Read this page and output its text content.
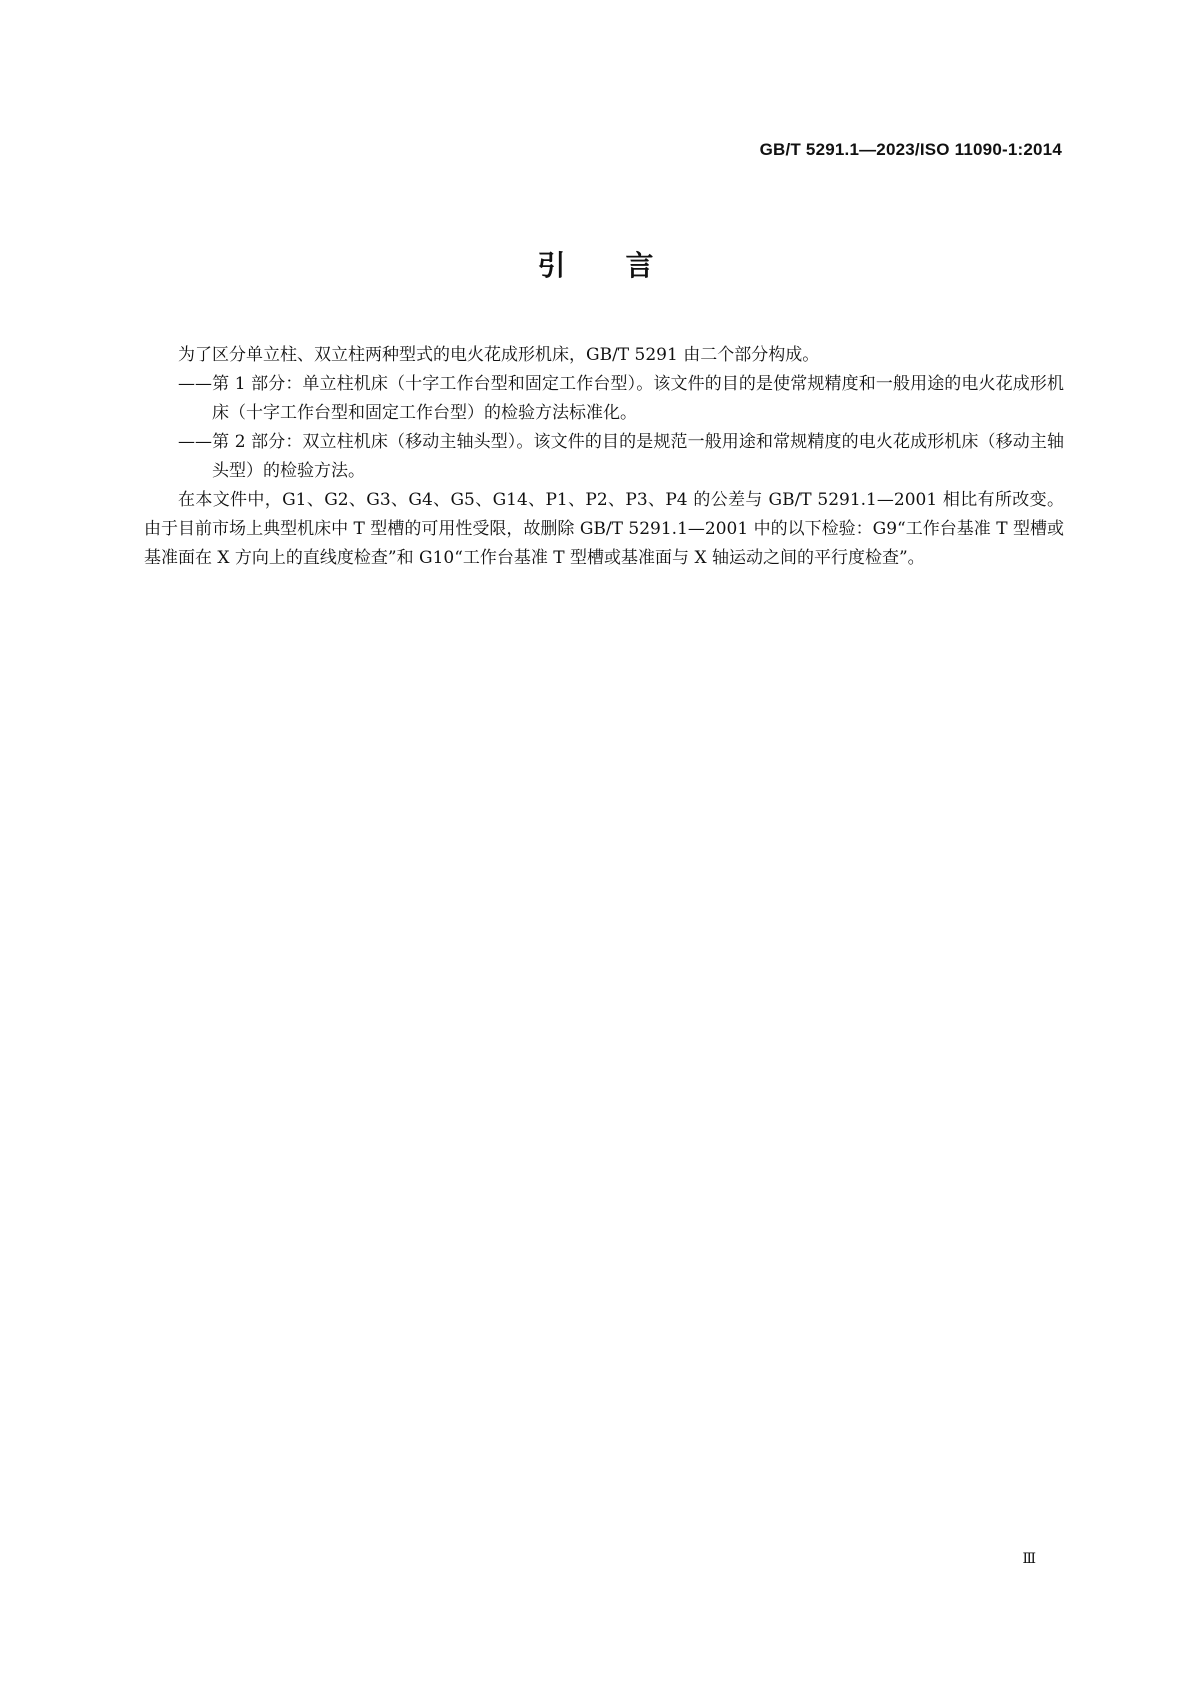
GB/T 5291.1—2023/ISO 11090-1:2014
引言

为了区分单立柱、双立柱两种型式的电火花成形机床，GB/T 5291 由二个部分构成。

——第 1 部分：单立柱机床（十字工作台型和固定工作台型）。该文件的目的是使常规精度和一般用途的电火花成形机床（十字工作台型和固定工作台型）的检验方法标准化。

——第 2 部分：双立柱机床（移动主轴头型）。该文件的目的是规范一般用途和常规精度的电火花成形机床（移动主轴头型）的检验方法。

在本文件中，G1、G2、G3、G4、G5、G14、P1、P2、P3、P4 的公差与 GB/T 5291.1—2001 相比有所改变。由于目前市场上典型机床中 T 型槽的可用性受限，故删除 GB/T 5291.1—2001 中的以下检验：G9“工作台基准 T 型槽或基准面在 X 方向上的直线度检查”和 G10“工作台基准 T 型槽或基准面与 X 轴运动之间的平行度检查”。

Ⅲ
